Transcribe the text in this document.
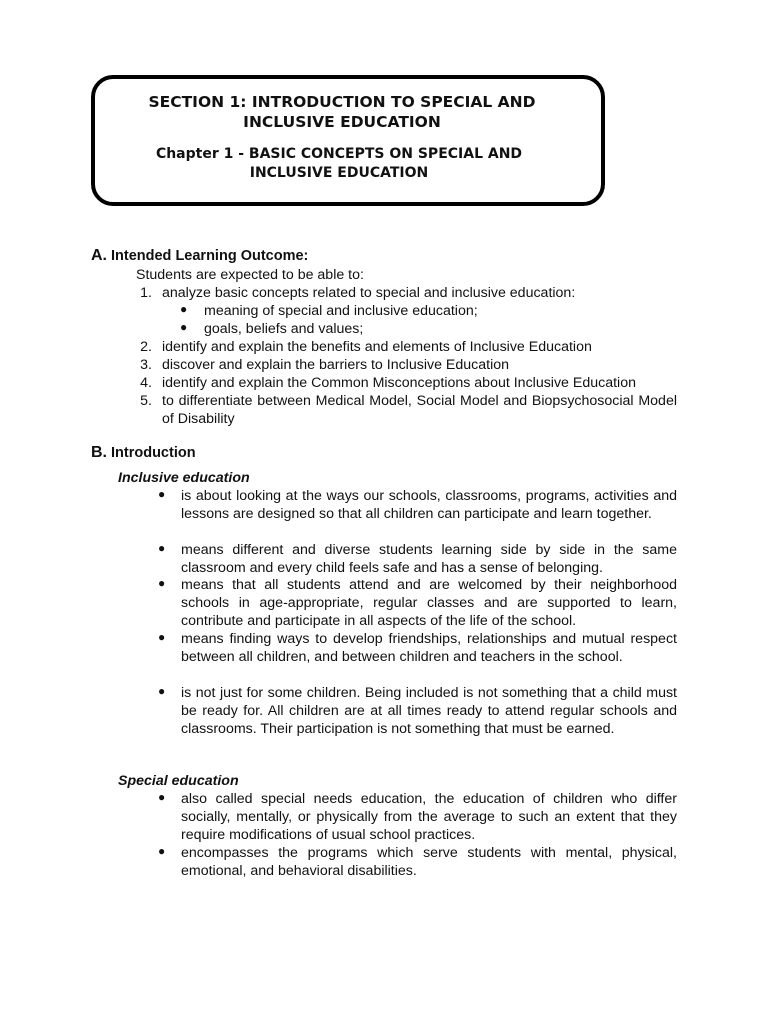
SECTION 1: INTRODUCTION TO SPECIAL AND
INCLUSIVE EDUCATION
Chapter 1 - BASIC CONCEPTS ON SPECIAL AND
INCLUSIVE EDUCATION
A. Intended Learning Outcome:
Students are expected to be able to:
1. analyze basic concepts related to special and inclusive education:
● meaning of special and inclusive education;
● goals, beliefs and values;
2. identify and explain the benefits and elements of Inclusive Education
3. discover and explain the barriers to Inclusive Education
4. identify and explain the Common Misconceptions about Inclusive Education
5. to differentiate between Medical Model, Social Model and Biopsychosocial Model of Disability
B. Introduction
Inclusive education
● is about looking at the ways our schools, classrooms, programs, activities and lessons are designed so that all children can participate and learn together.
● means different and diverse students learning side by side in the same classroom and every child feels safe and has a sense of belonging.
● means that all students attend and are welcomed by their neighborhood schools in age-appropriate, regular classes and are supported to learn, contribute and participate in all aspects of the life of the school.
● means finding ways to develop friendships, relationships and mutual respect between all children, and between children and teachers in the school.
● is not just for some children. Being included is not something that a child must be ready for. All children are at all times ready to attend regular schools and classrooms. Their participation is not something that must be earned.
Special education
● also called special needs education, the education of children who differ socially, mentally, or physically from the average to such an extent that they require modifications of usual school practices.
● encompasses the programs which serve students with mental, physical, emotional, and behavioral disabilities.
